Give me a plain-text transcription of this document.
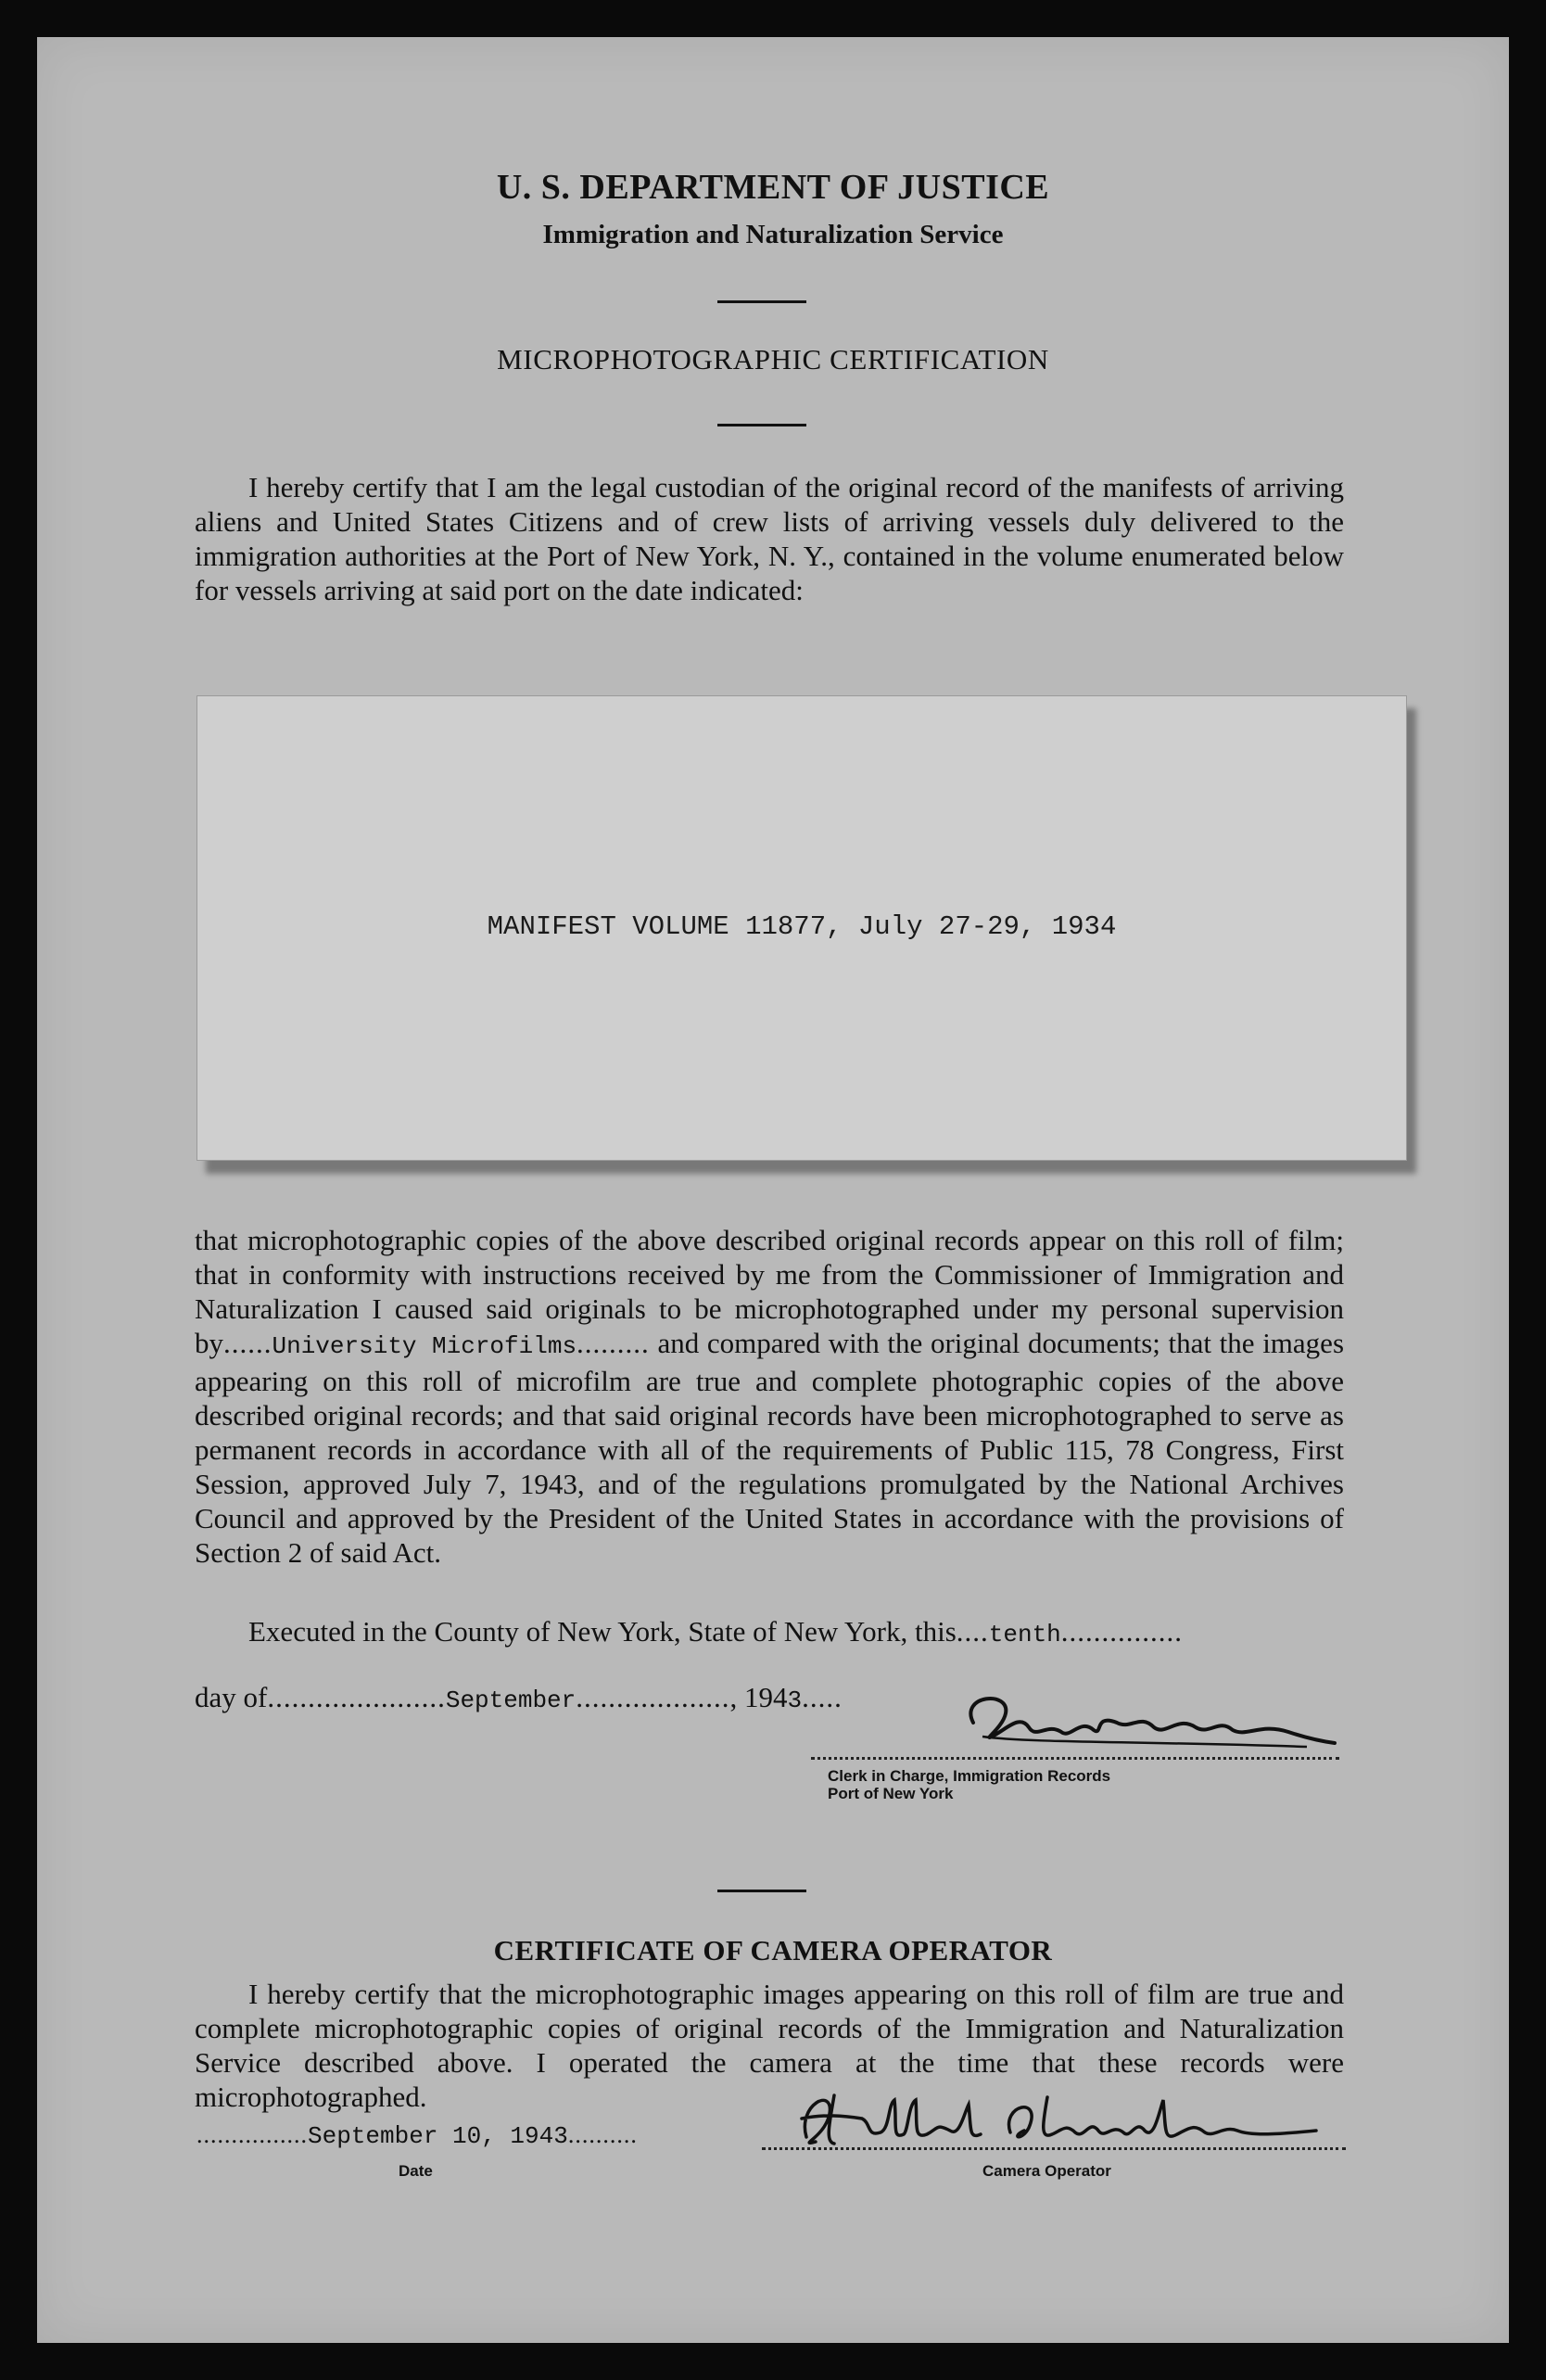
U. S. DEPARTMENT OF JUSTICE
Immigration and Naturalization Service
MICROPHOTOGRAPHIC CERTIFICATION
I hereby certify that I am the legal custodian of the original record of the manifests of arriving aliens and United States Citizens and of crew lists of arriving vessels duly delivered to the immigration authorities at the Port of New York, N. Y., contained in the volume enumerated below for vessels arriving at said port on the date indicated:
MANIFEST VOLUME 11877, July 27-29, 1934
that microphotographic copies of the above described original records appear on this roll of film; that in conformity with instructions received by me from the Commissioner of Immigration and Naturalization I caused said originals to be microphotographed under my personal supervision by......University Microfilms......... and compared with the original documents; that the images appearing on this roll of microfilm are true and complete photographic copies of the above described original records; and that said original records have been microphotographed to serve as permanent records in accordance with all of the requirements of Public 115, 78 Congress, First Session, approved July 7, 1943, and of the regulations promulgated by the National Archives Council and approved by the President of the United States in accordance with the provisions of Section 2 of said Act.
Executed in the County of New York, State of New York, this....tenth...............
day of......................September..................., 1943.....
Clerk in Charge, Immigration Records
Port of New York
CERTIFICATE OF CAMERA OPERATOR
I hereby certify that the microphotographic images appearing on this roll of film are true and complete microphotographic copies of original records of the Immigration and Naturalization Service described above. I operated the camera at the time that these records were microphotographed.
................September 10, 1943..........
Date	Camera Operator
